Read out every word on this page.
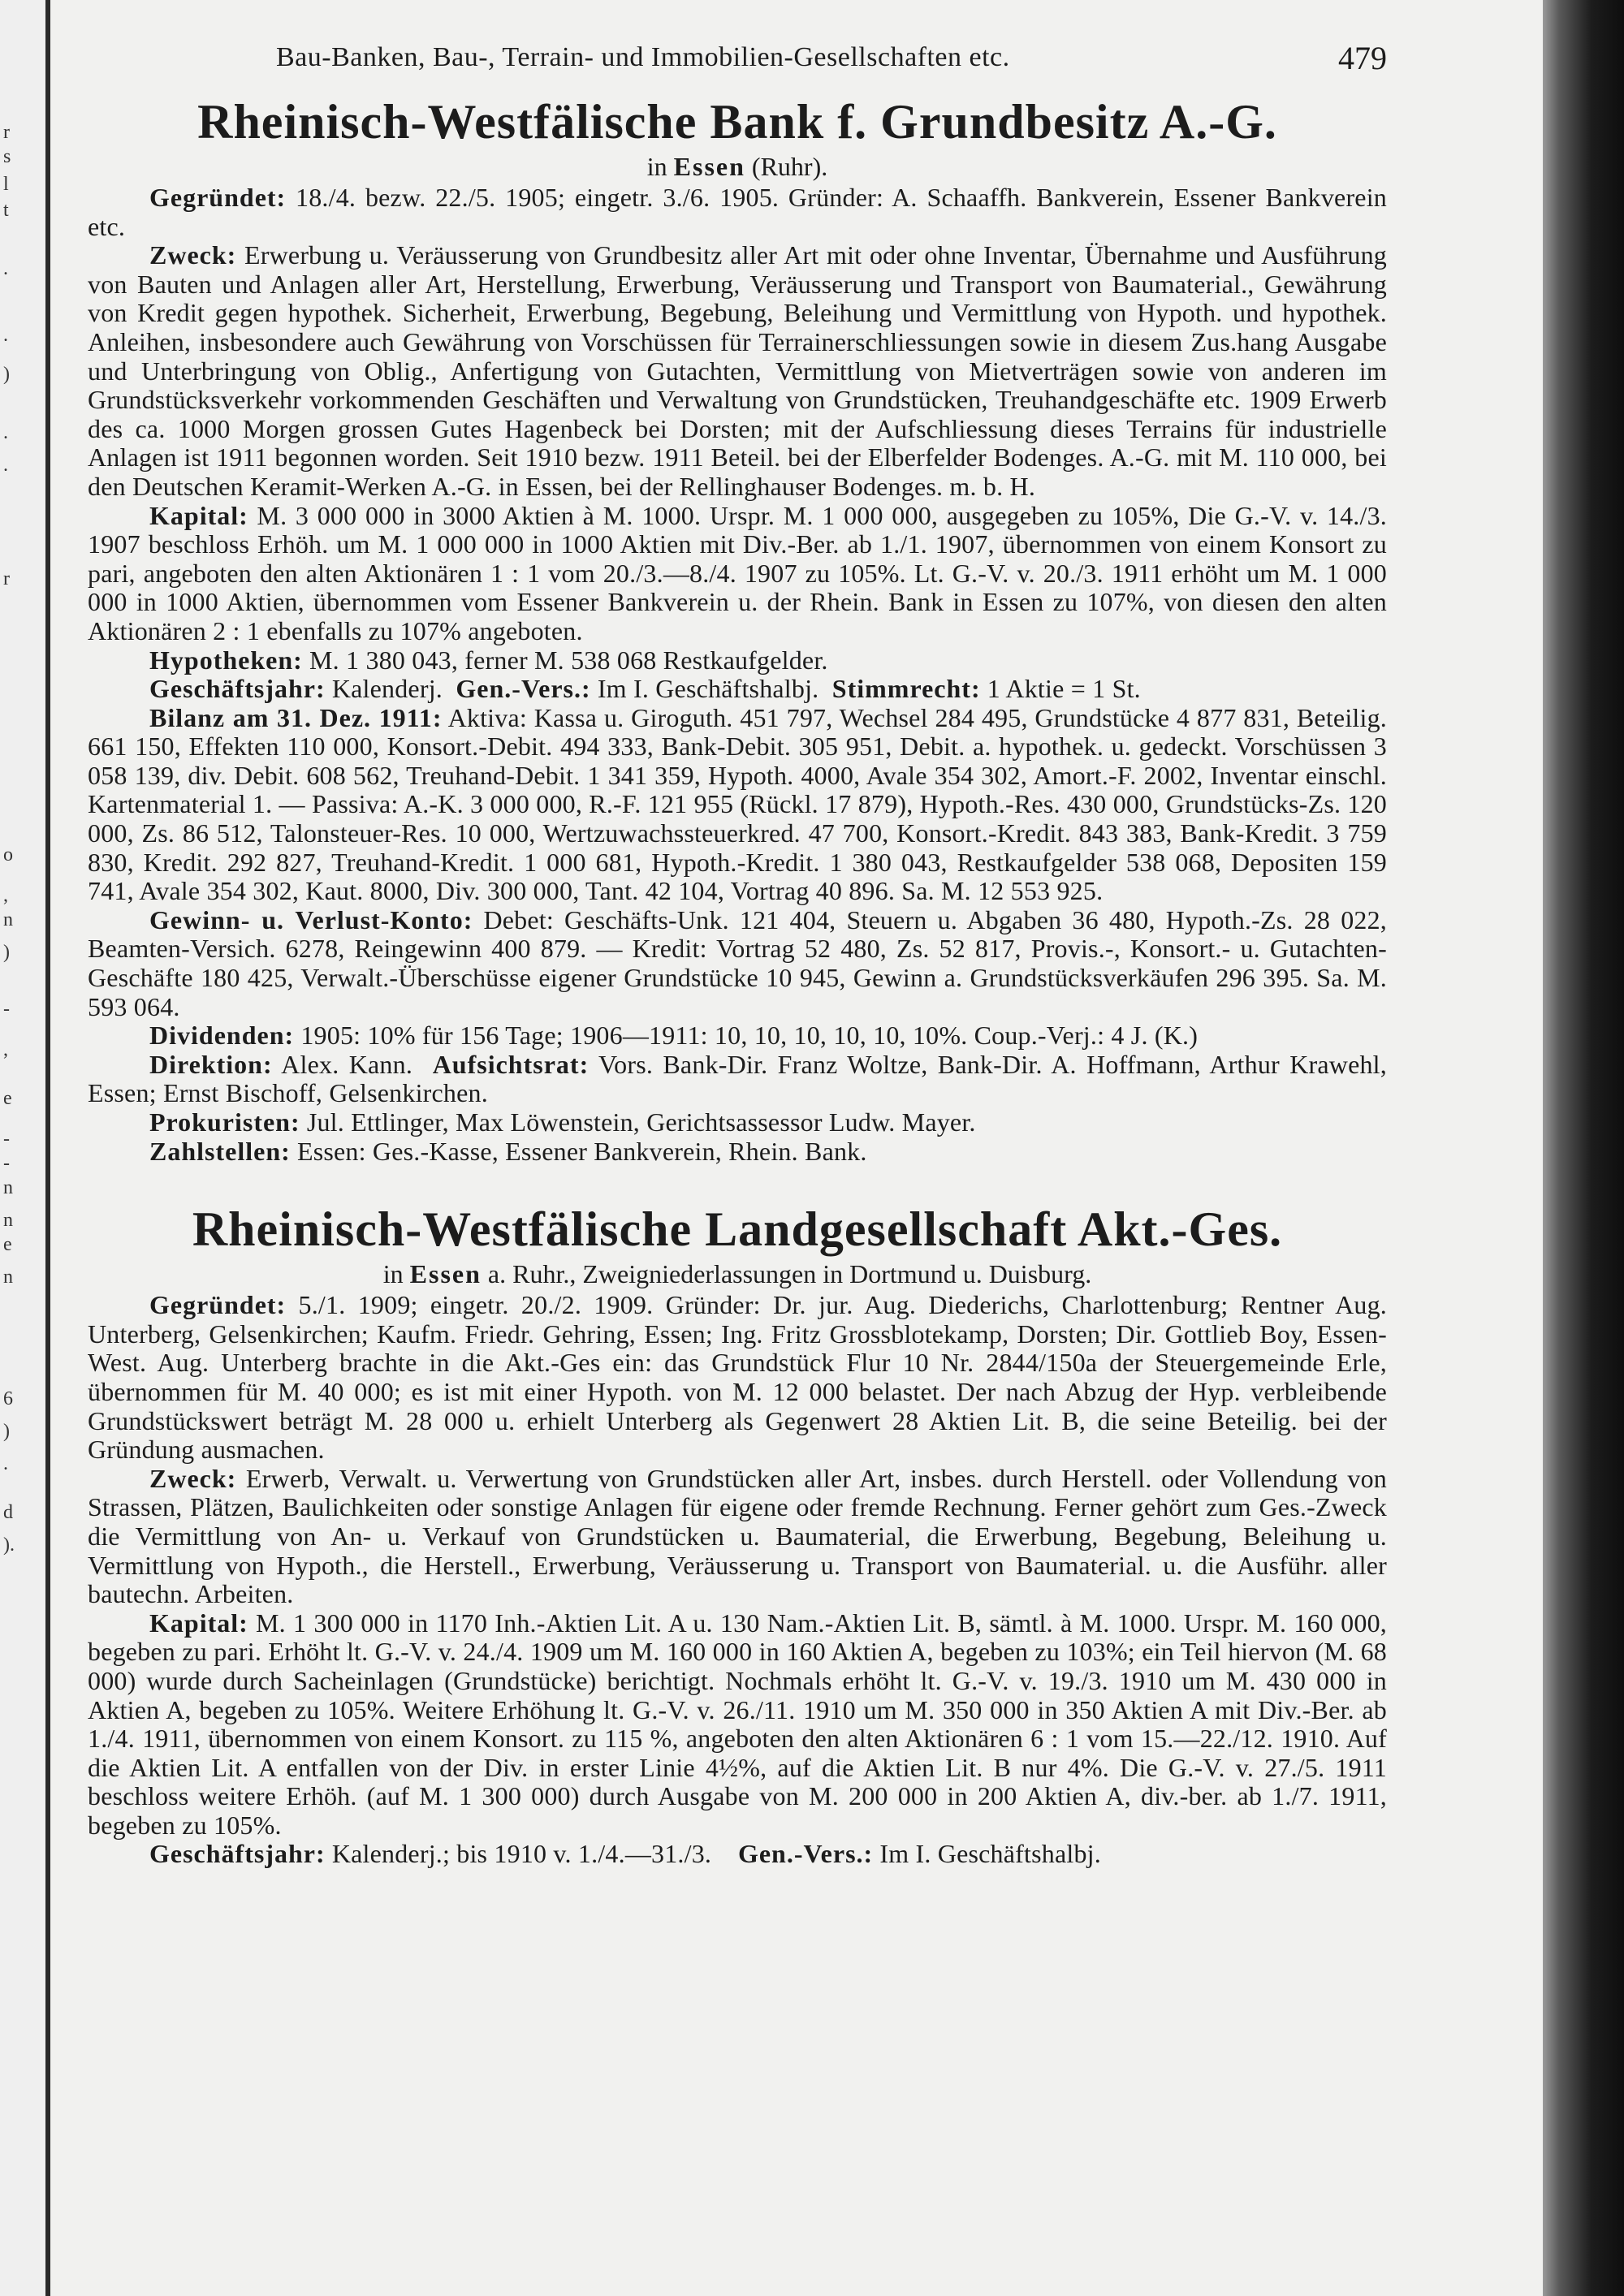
r
s
l
t
.
.
)
.
.
r
o
,
n
)
-
,
e
-
-
n
n
e
n
6
)
.
d
).
Bau-Banken, Bau-, Terrain- und Immobilien-Gesellschaften etc.	479
Rheinisch-Westfälische Bank f. Grundbesitz A.-G.
in Essen (Ruhr).

Gegründet: 18./4. bezw. 22./5. 1905; eingetr. 3./6. 1905. Gründer: A. Schaaffh. Bankverein, Essener Bankverein etc.

Zweck: Erwerbung u. Veräusserung von Grundbesitz aller Art mit oder ohne Inventar, Übernahme und Ausführung von Bauten und Anlagen aller Art, Herstellung, Erwerbung, Veräusserung und Transport von Baumaterial., Gewährung von Kredit gegen hypothek. Sicherheit, Erwerbung, Begebung, Beleihung und Vermittlung von Hypoth. und hypothek. Anleihen, insbesondere auch Gewährung von Vorschüssen für Terrainerschliessungen sowie in diesem Zus.hang Ausgabe und Unterbringung von Oblig., Anfertigung von Gutachten, Vermittlung von Mietverträgen sowie von anderen im Grundstücksverkehr vorkommenden Geschäften und Verwaltung von Grundstücken, Treuhandgeschäfte etc. 1909 Erwerb des ca. 1000 Morgen grossen Gutes Hagenbeck bei Dorsten; mit der Aufschliessung dieses Terrains für industrielle Anlagen ist 1911 begonnen worden. Seit 1910 bezw. 1911 Beteil. bei der Elberfelder Bodenges. A.-G. mit M. 110 000, bei den Deutschen Keramit-Werken A.-G. in Essen, bei der Rellinghauser Bodenges. m. b. H.

Kapital: M. 3 000 000 in 3000 Aktien à M. 1000. Urspr. M. 1 000 000, ausgegeben zu 105%, Die G.-V. v. 14./3. 1907 beschloss Erhöh. um M. 1 000 000 in 1000 Aktien mit Div.-Ber. ab 1./1. 1907, übernommen von einem Konsort zu pari, angeboten den alten Aktionären 1 : 1 vom 20./3.—8./4. 1907 zu 105%. Lt. G.-V. v. 20./3. 1911 erhöht um M. 1 000 000 in 1000 Aktien, übernommen vom Essener Bankverein u. der Rhein. Bank in Essen zu 107%, von diesen den alten Aktionären 2 : 1 ebenfalls zu 107% angeboten.

Hypotheken: M. 1 380 043, ferner M. 538 068 Restkaufgelder.

Geschäftsjahr: Kalenderj. Gen.-Vers.: Im I. Geschäftshalbj. Stimmrecht: 1 Aktie = 1 St.

Bilanz am 31. Dez. 1911: Aktiva: Kassa u. Giroguth. 451 797, Wechsel 284 495, Grundstücke 4 877 831, Beteilig. 661 150, Effekten 110 000, Konsort.-Debit. 494 333, Bank-Debit. 305 951, Debit. a. hypothek. u. gedeckt. Vorschüssen 3 058 139, div. Debit. 608 562, Treuhand-Debit. 1 341 359, Hypoth. 4000, Avale 354 302, Amort.-F. 2002, Inventar einschl. Kartenmaterial 1. — Passiva: A.-K. 3 000 000, R.-F. 121 955 (Rückl. 17 879), Hypoth.-Res. 430 000, Grundstücks-Zs. 120 000, Zs. 86 512, Talonsteuer-Res. 10 000, Wertzuwachssteuerkred. 47 700, Konsort.-Kredit. 843 383, Bank-Kredit. 3 759 830, Kredit. 292 827, Treuhand-Kredit. 1 000 681, Hypoth.-Kredit. 1 380 043, Restkaufgelder 538 068, Depositen 159 741, Avale 354 302, Kaut. 8000, Div. 300 000, Tant. 42 104, Vortrag 40 896. Sa. M. 12 553 925.

Gewinn- u. Verlust-Konto: Debet: Geschäfts-Unk. 121 404, Steuern u. Abgaben 36 480, Hypoth.-Zs. 28 022, Beamten-Versich. 6278, Reingewinn 400 879. — Kredit: Vortrag 52 480, Zs. 52 817, Provis.-, Konsort.- u. Gutachten-Geschäfte 180 425, Verwalt.-Überschüsse eigener Grundstücke 10 945, Gewinn a. Grundstücksverkäufen 296 395. Sa. M. 593 064.

Dividenden: 1905: 10% für 156 Tage; 1906—1911: 10, 10, 10, 10, 10, 10%. Coup.-Verj.: 4 J. (K.)

Direktion: Alex. Kann. Aufsichtsrat: Vors. Bank-Dir. Franz Woltze, Bank-Dir. A. Hoffmann, Arthur Krawehl, Essen; Ernst Bischoff, Gelsenkirchen.

Prokuristen: Jul. Ettlinger, Max Löwenstein, Gerichtsassessor Ludw. Mayer.

Zahlstellen: Essen: Ges.-Kasse, Essener Bankverein, Rhein. Bank.

Rheinisch-Westfälische Landgesellschaft Akt.-Ges.
in Essen a. Ruhr., Zweigniederlassungen in Dortmund u. Duisburg.

Gegründet: 5./1. 1909; eingetr. 20./2. 1909. Gründer: Dr. jur. Aug. Diederichs, Charlottenburg; Rentner Aug. Unterberg, Gelsenkirchen; Kaufm. Friedr. Gehring, Essen; Ing. Fritz Grossblotekamp, Dorsten; Dir. Gottlieb Boy, Essen-West. Aug. Unterberg brachte in die Akt.-Ges ein: das Grundstück Flur 10 Nr. 2844/150a der Steuergemeinde Erle, übernommen für M. 40 000; es ist mit einer Hypoth. von M. 12 000 belastet. Der nach Abzug der Hyp. verbleibende Grundstückswert beträgt M. 28 000 u. erhielt Unterberg als Gegenwert 28 Aktien Lit. B, die seine Beteilig. bei der Gründung ausmachen.

Zweck: Erwerb, Verwalt. u. Verwertung von Grundstücken aller Art, insbes. durch Herstell. oder Vollendung von Strassen, Plätzen, Baulichkeiten oder sonstige Anlagen für eigene oder fremde Rechnung. Ferner gehört zum Ges.-Zweck die Vermittlung von An- u. Verkauf von Grundstücken u. Baumaterial, die Erwerbung, Begebung, Beleihung u. Vermittlung von Hypoth., die Herstell., Erwerbung, Veräusserung u. Transport von Baumaterial. u. die Ausführ. aller bautechn. Arbeiten.

Kapital: M. 1 300 000 in 1170 Inh.-Aktien Lit. A u. 130 Nam.-Aktien Lit. B, sämtl. à M. 1000. Urspr. M. 160 000, begeben zu pari. Erhöht lt. G.-V. v. 24./4. 1909 um M. 160 000 in 160 Aktien A, begeben zu 103%; ein Teil hiervon (M. 68 000) wurde durch Sacheinlagen (Grundstücke) berichtigt. Nochmals erhöht lt. G.-V. v. 19./3. 1910 um M. 430 000 in Aktien A, begeben zu 105%. Weitere Erhöhung lt. G.-V. v. 26./11. 1910 um M. 350 000 in 350 Aktien A mit Div.-Ber. ab 1./4. 1911, übernommen von einem Konsort. zu 115 %, angeboten den alten Aktionären 6 : 1 vom 15.—22./12. 1910. Auf die Aktien Lit. A entfallen von der Div. in erster Linie 4½%, auf die Aktien Lit. B nur 4%. Die G.-V. v. 27./5. 1911 beschloss weitere Erhöh. (auf M. 1 300 000) durch Ausgabe von M. 200 000 in 200 Aktien A, div.-ber. ab 1./7. 1911, begeben zu 105%.

Geschäftsjahr: Kalenderj.; bis 1910 v. 1./4.—31./3. Gen.-Vers.: Im I. Geschäftshalbj.
